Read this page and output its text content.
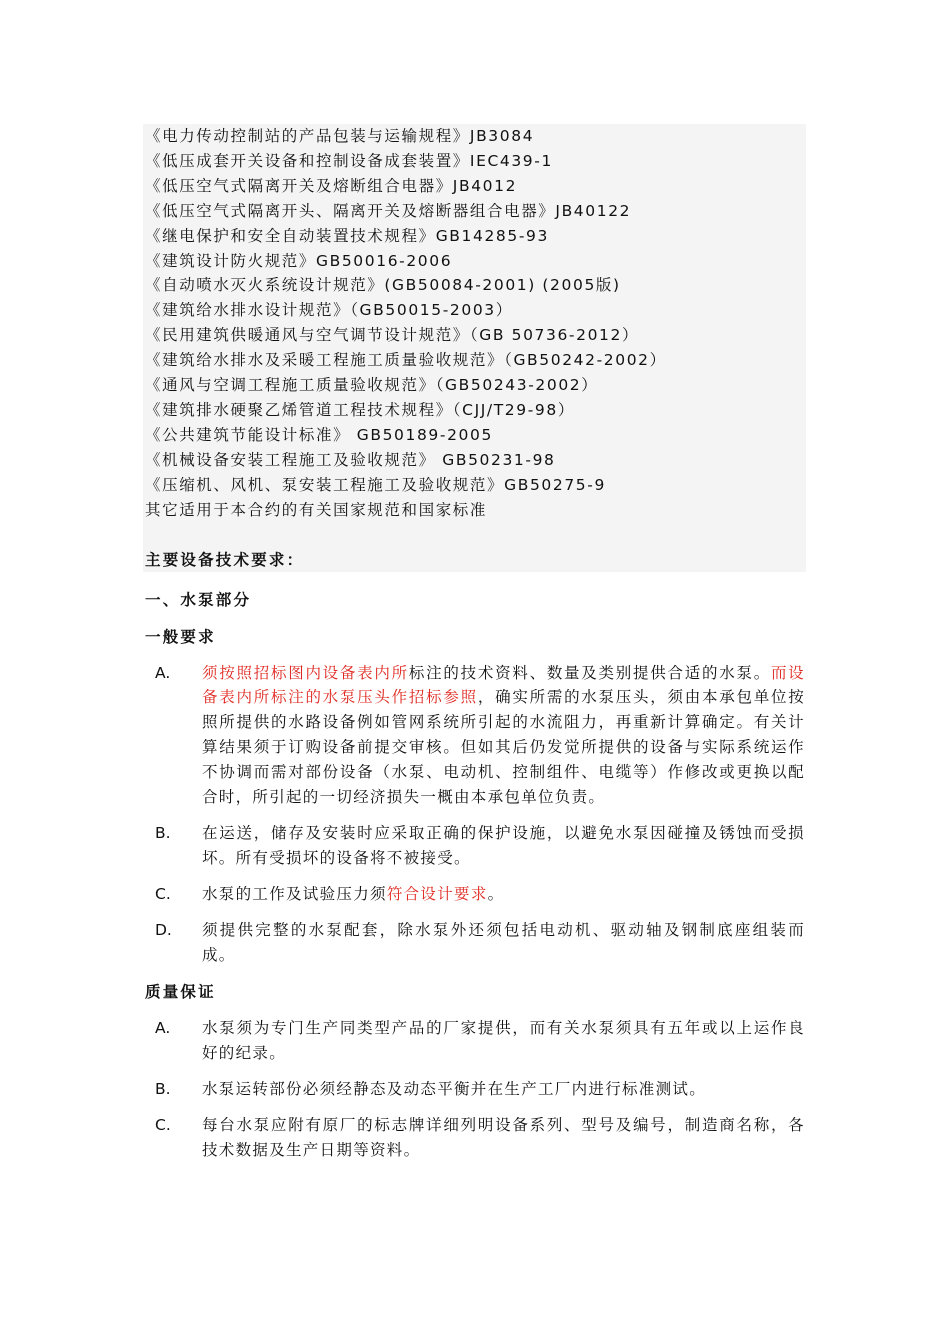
《电力传动控制站的产品包装与运输规程》JB3084

《低压成套开关设备和控制设备成套装置》IEC439-1

《低压空气式隔离开关及熔断组合电器》JB4012

《低压空气式隔离开头、隔离开关及熔断器组合电器》JB40122

《继电保护和安全自动装置技术规程》GB14285-93

《建筑设计防火规范》GB50016-2006

《自动喷水灭火系统设计规范》(GB50084-2001) (2005版)

《建筑给水排水设计规范》（GB50015-2003）

《民用建筑供暖通风与空气调节设计规范》（GB 50736-2012）

《建筑给水排水及采暖工程施工质量验收规范》（GB50242-2002）

《通风与空调工程施工质量验收规范》（GB50243-2002）

《建筑排水硬聚乙烯管道工程技术规程》（CJJ/T29-98）

《公共建筑节能设计标准》 GB50189-2005

《机械设备安装工程施工及验收规范》 GB50231-98

《压缩机、风机、泵安装工程施工及验收规范》GB50275-9

其它适用于本合约的有关国家规范和国家标准

主要设备技术要求：
一、水泵部分
一般要求
A. 须按照招标图内设备表内所标注的技术资料、数量及类别提供合适的水泵。而设备表内所标注的水泵压头作招标参照，确实所需的水泵压头，须由本承包单位按照所提供的水路设备例如管网系统所引起的水流阻力，再重新计算确定。有关计算结果须于订购设备前提交审核。但如其后仍发觉所提供的设备与实际系统运作不协调而需对部份设备（水泵、电动机、控制组件、电缆等）作修改或更换以配合时，所引起的一切经济损失一概由本承包单位负责。
B. 在运送，储存及安装时应采取正确的保护设施，以避免水泵因碰撞及锈蚀而受损坏。所有受损坏的设备将不被接受。
C. 水泵的工作及试验压力须符合设计要求。
D. 须提供完整的水泵配套，除水泵外还须包括电动机、驱动轴及钢制底座组装而成。
质量保证
A. 水泵须为专门生产同类型产品的厂家提供，而有关水泵须具有五年或以上运作良好的纪录。
B. 水泵运转部份必须经静态及动态平衡并在生产工厂内进行标准测试。
C. 每台水泵应附有原厂的标志牌详细列明设备系列、型号及编号，制造商名称，各技术数据及生产日期等资料。
